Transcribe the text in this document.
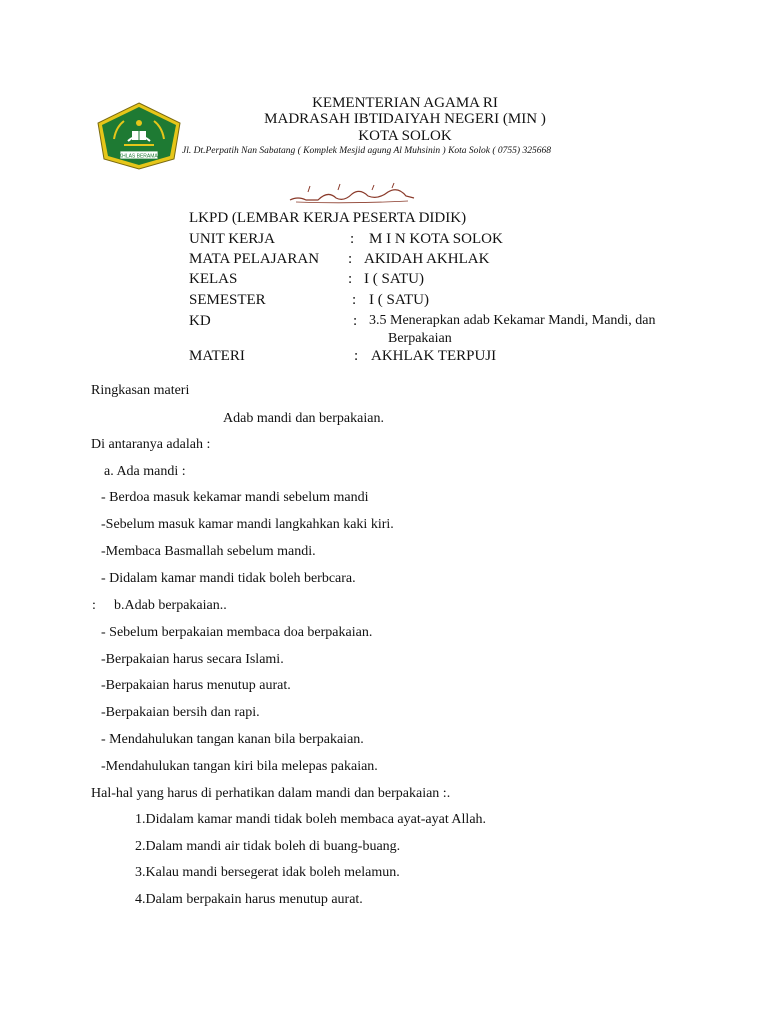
IKHLAS BERAMAL
KEMENTERIAN AGAMA RI
MADRASAH IBTIDAIYAH NEGERI (MIN )
KOTA SOLOK
Jl. Dt.Perpatih Nan Sabatang ( Komplek Mesjid agung Al Muhsinin ) Kota Solok ( 0755) 325668
LKPD (LEMBAR KERJA PESERTA DIDIK)
UNIT KERJA	: M I N KOTA SOLOK
MATA PELAJARAN : AKIDAH AKHLAK
KELAS	: I ( SATU)
SEMESTER	: I ( SATU)
KD	: 3.5 Menerapkan adab Kekamar Mandi, Mandi, dan
Berpakaian
MATERI	: AKHLAK TERPUJI
Ringkasan materi
Adab mandi dan berpakaian.
Di antaranya adalah :
a. Ada mandi :
- Berdoa masuk kekamar mandi sebelum mandi
-Sebelum masuk kamar mandi langkahkan kaki kiri.
-Membaca Basmallah sebelum mandi.
- Didalam kamar mandi tidak boleh berbcara.
: b.Adab berpakaian..
- Sebelum berpakaian membaca doa berpakaian.
-Berpakaian harus secara Islami.
-Berpakaian harus menutup aurat.
-Berpakaian bersih dan rapi.
- Mendahulukan tangan kanan bila berpakaian.
-Mendahulukan tangan kiri bila melepas pakaian.
Hal-hal yang harus di perhatikan dalam mandi dan berpakaian :.
1.Didalam kamar mandi tidak boleh membaca ayat-ayat Allah.
2.Dalam mandi air tidak boleh di buang-buang.
3.Kalau mandi bersegerat idak boleh melamun.
4.Dalam berpakain harus menutup aurat.
